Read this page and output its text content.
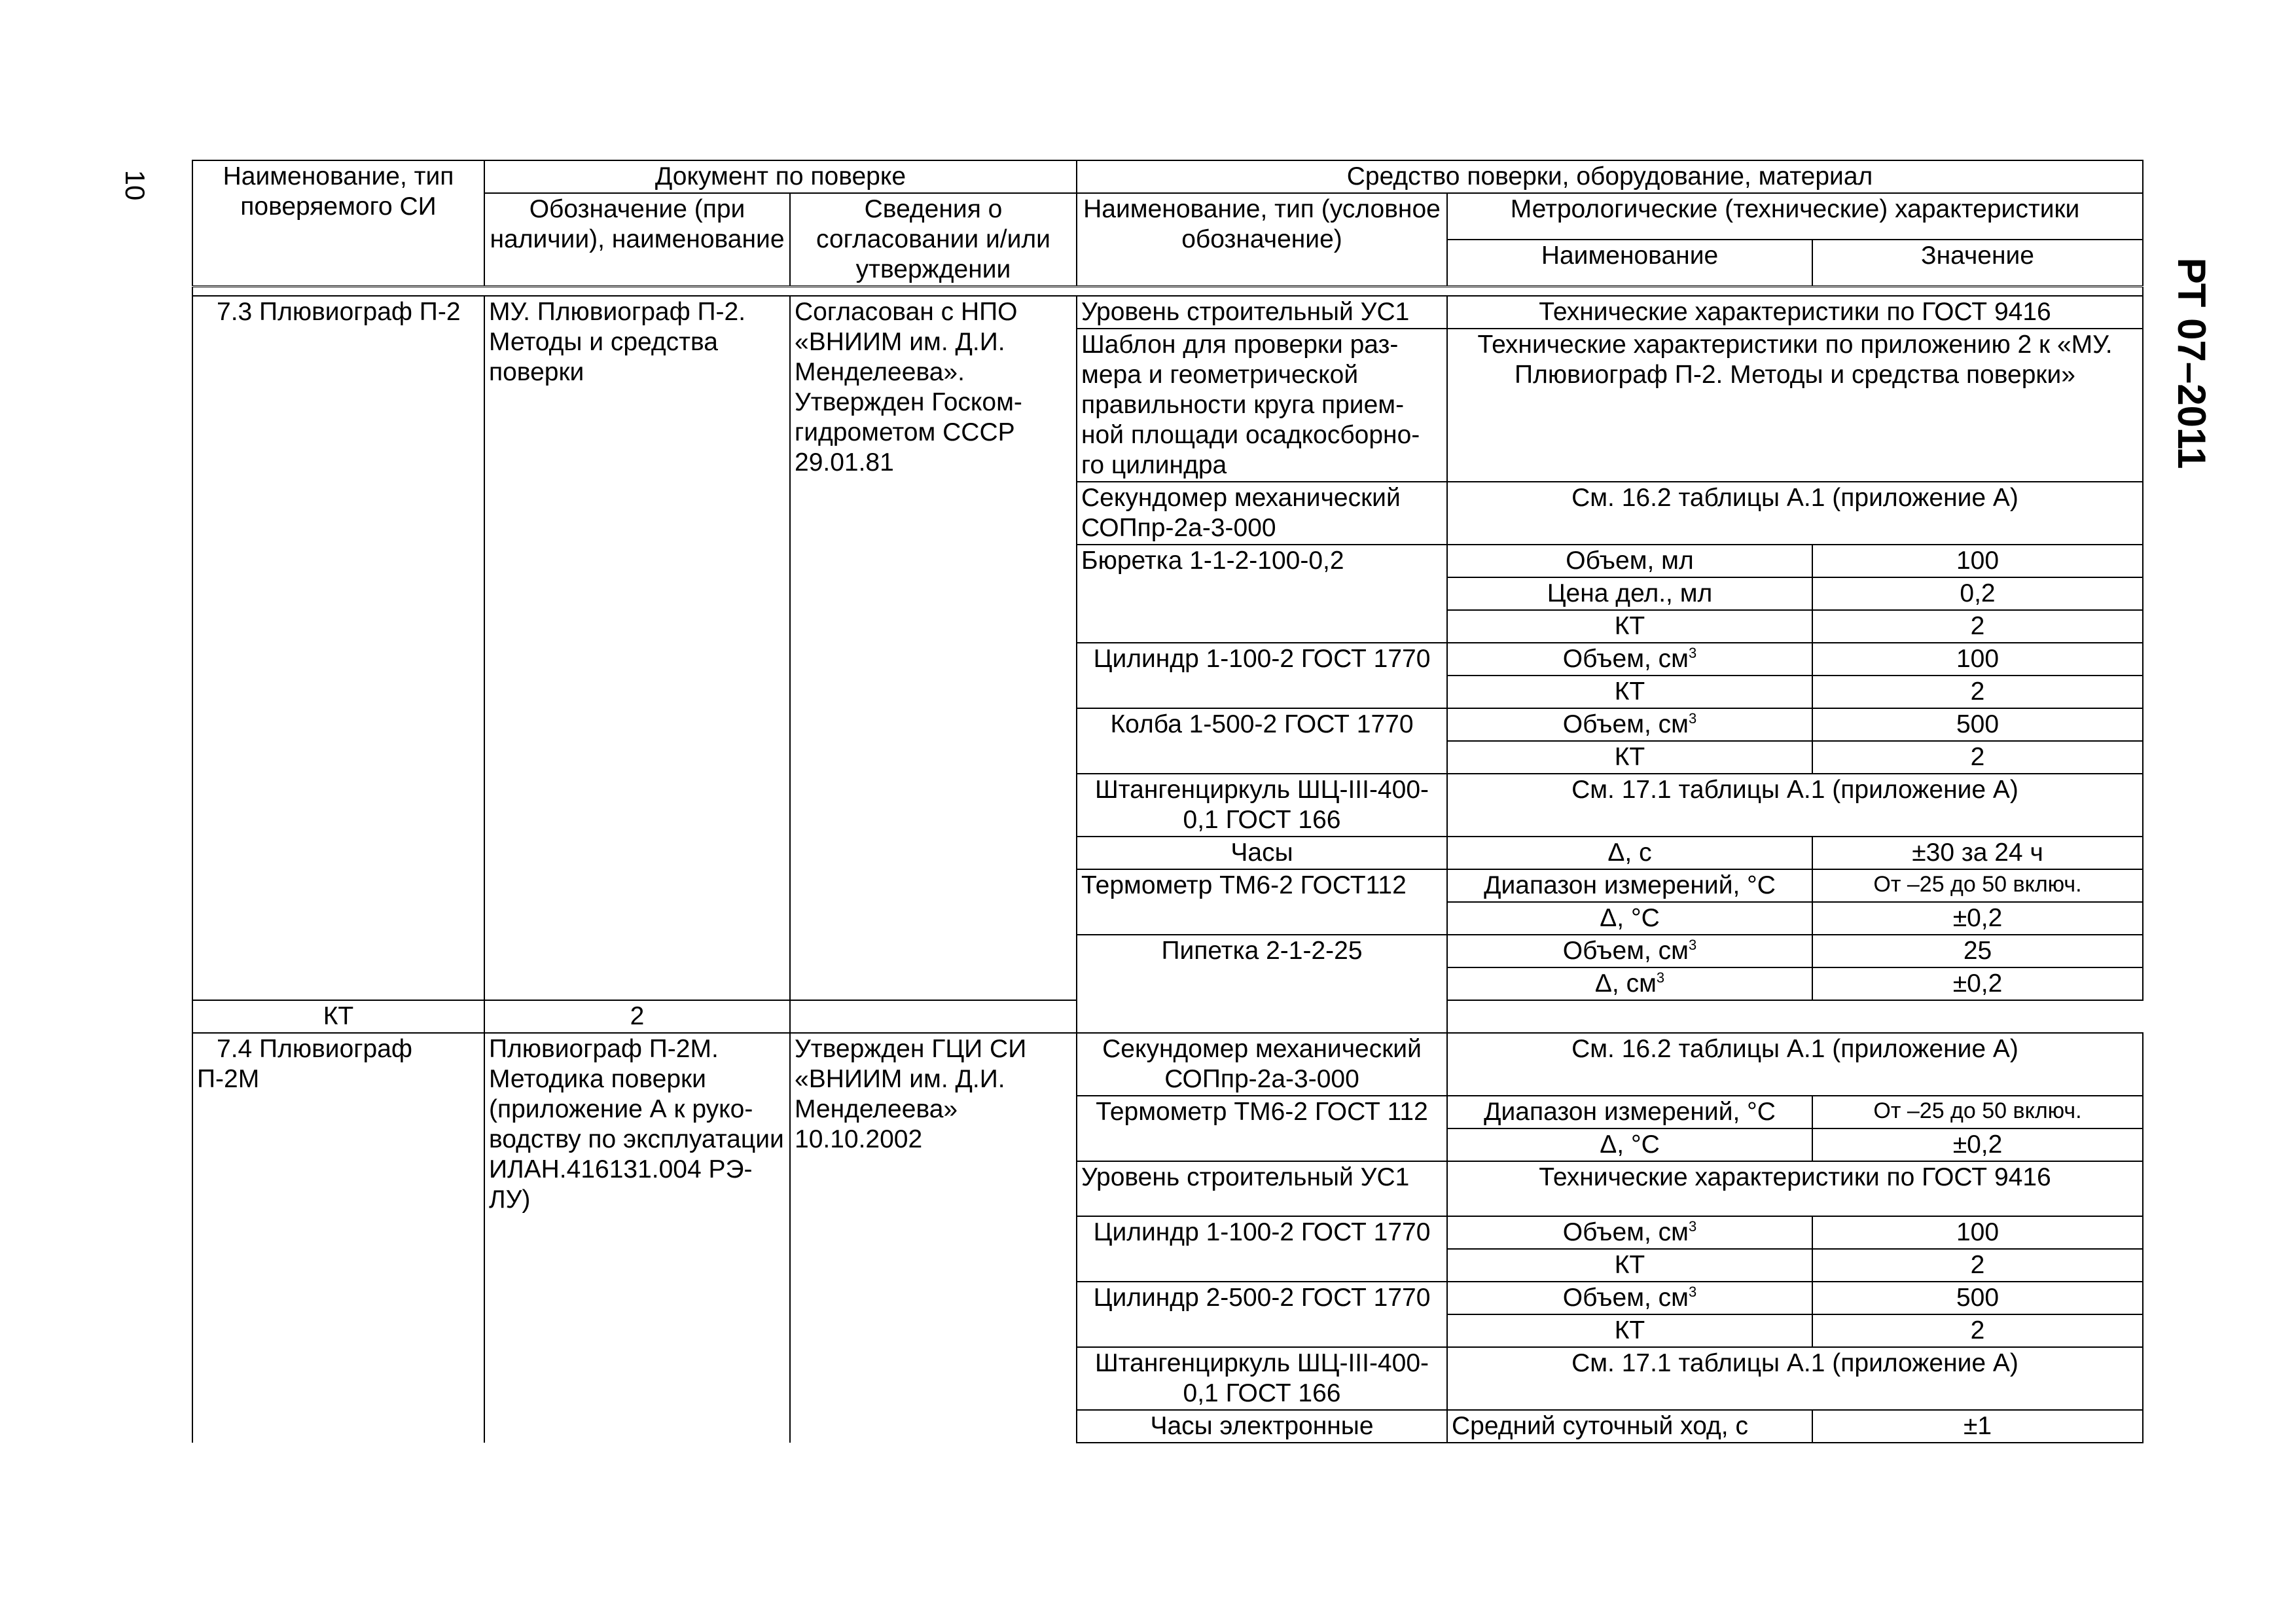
10
РТ 07–2011
Наименование, тип поверяемого СИ	Документ по поверке		Средство поверки, оборудование, материал		
	Обозначение (при наличии), наименование	Сведения о согласовании и/или утверждении	Наименование, тип (условное обозначение)	Метрологические (технические) характеристики	
				Наименование	Значение

7.3 Плювиограф П-2	МУ. Плювиограф П-2. Методы и средства поверки	Согласован с НПО «ВНИИМ им. Д.И. Менделеева». Утвержден Госком-гидрометом СССР 29.01.81	Уровень строительный УС1	Технические характеристики по ГОСТ 9416	
			Шаблон для проверки раз-мера и геометрической правильности круга прием-ной площади осадкосборно-го цилиндра	Технические характеристики по приложению 2 к «МУ. Плювиограф П-2. Методы и средства поверки»	
			Секундомер механический СОПпр-2а-3-000	См. 16.2 таблицы А.1 (приложение А)	
			Бюретка 1-1-2-100-0,2	Объем, мл	100
				Цена дел., мл	0,2
				КТ	2
			Цилиндр 1-100-2 ГОСТ 1770	Объем, $см^3$	100
				КТ	2
			Колба 1-500-2 ГОСТ 1770	Объем, $см^3$	500
				КТ	2
			Штангенциркуль ШЦ-III-400-0,1 ГОСТ 166	См. 17.1 таблицы А.1 (приложение А)	
			Часы	Δ, с	±30 за 24 ч
			Термометр ТМ6-2 ГОСТ112	Диапазон измерений, °С	От –25 до 50 включ.
				Δ, °С	±0,2
			Пипетка 2-1-2-25	Объем, $см^3$	25
				Δ, $см^3$	±0,2
КТ	2				
7.4 Плювиограф П-2М	Плювиограф П-2М. Методика поверки (приложение А к руко-водству по эксплуатации ИЛАН.416131.004 РЭ-ЛУ)	Утвержден ГЦИ СИ «ВНИИМ им. Д.И. Менделеева» 10.10.2002	Секундомер механический СОПпр-2а-3-000	См. 16.2 таблицы А.1 (приложение А)	
			Термометр ТМ6-2 ГОСТ 112	Диапазон измерений, °С	От –25 до 50 включ.
				Δ, °С	±0,2
			Уровень строительный УС1	Технические характеристики по ГОСТ 9416	
			Цилиндр 1-100-2 ГОСТ 1770	Объем, $см^3$	100
				КТ	2
			Цилиндр 2-500-2 ГОСТ 1770	Объем, $см^3$	500
				КТ	2
			Штангенциркуль ШЦ-III-400-0,1 ГОСТ 166	См. 17.1 таблицы А.1 (приложение А)	
			Часы электронные	Средний суточный ход, с	±1
